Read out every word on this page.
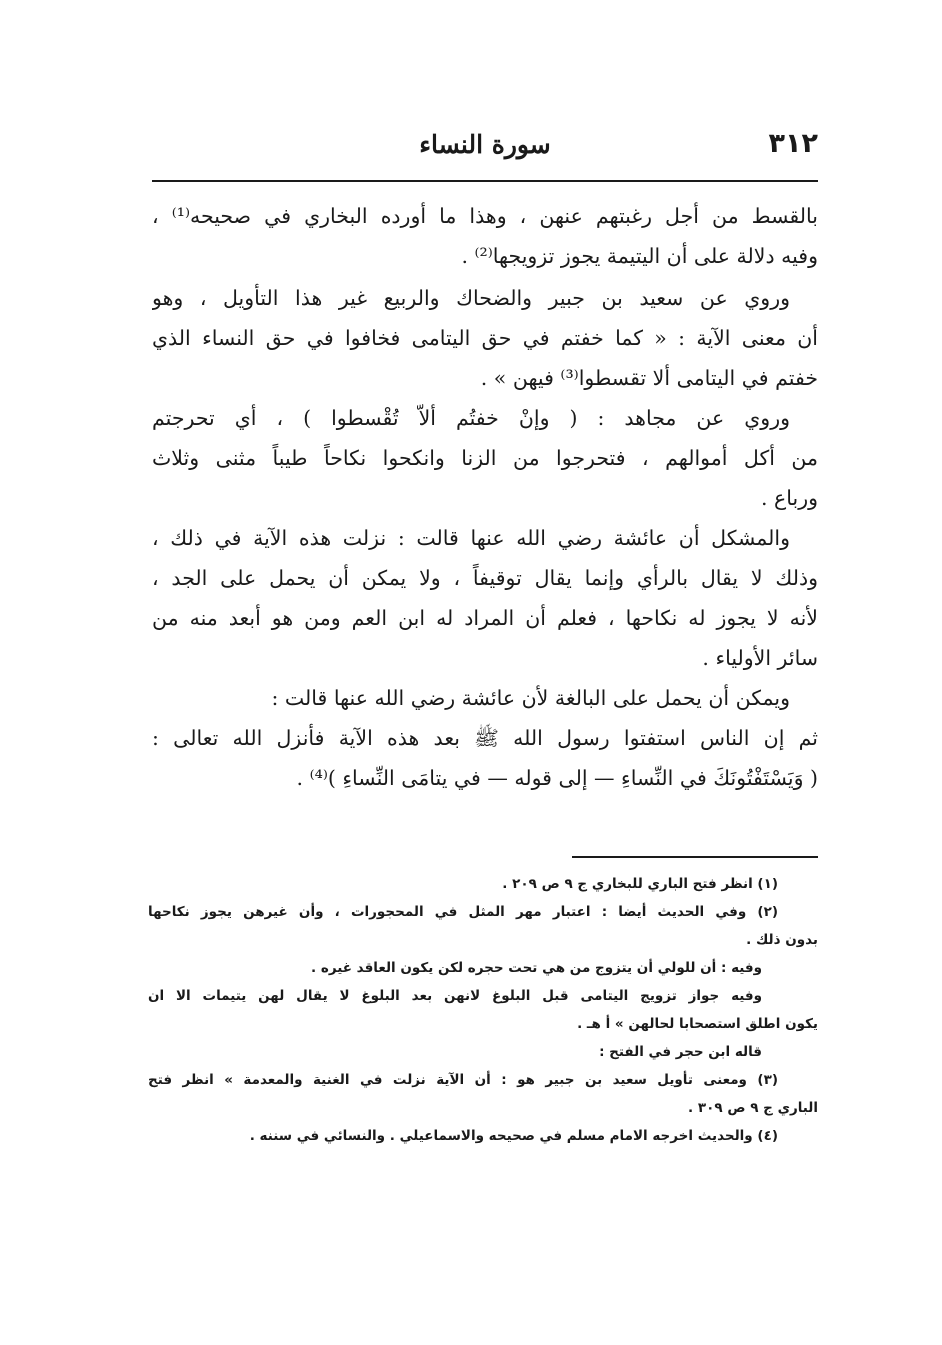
٣١٢
سورة النساء

بالقسط من أجل رغبتهم عنهن ، وهذا ما أورده البخاري في صحيحه⁽¹⁾ ،
وفيه دلالة على أن اليتيمة يجوز تزويجها⁽²⁾ .

وروي عن سعيد بن جبير والضحاك والربيع غير هذا التأويل ، وهو
أن معنى الآية : « كما خفتم في حق اليتامى فخافوا في حق النساء الذي
خفتم في اليتامى ألا تقسطوا⁽³⁾ فيهن » .

وروي عن مجاهد : ( وإنْ خفتُم ألاّ تُقْسطوا ) ، أي تحرجتم
من أكل أموالهم ، فتحرجوا من الزنا وانكحوا نكاحاً طيباً مثنى وثلاث
ورباع .

والمشكل أن عائشة رضي الله عنها قالت : نزلت هذه الآية في ذلك ،
وذلك لا يقال بالرأي وإنما يقال توقيفاً ، ولا يمكن أن يحمل على الجد ،
لأنه لا يجوز له نكاحها ، فعلم أن المراد له ابن العم ومن هو أبعد منه من
سائر الأولياء .

ويمكن أن يحمل على البالغة لأن عائشة رضي الله عنها قالت :

ثم إن الناس استفتوا رسول الله ﷺ بعد هذه الآية فأنزل الله تعالى :
( وَيَسْتَفْتُونَكَ في النِّساءِ — إلى قوله — في يتامَى النِّساءِ )⁽⁴⁾ .

(١) انظر فتح الباري للبخاري ج ٩ ص ٢٠٩ .

(٢) وفي الحديث أيضا : اعتبار مهر المثل في المحجورات ، وأن غيرهن يجوز نكاحها
بدون ذلك .

وفيه : أن للولي أن يتزوج من هي تحت حجره لكن يكون العاقد غيره .

وفيه جواز تزويج اليتامى قبل البلوغ لانهن بعد البلوغ لا يقال لهن يتيمات الا ان
يكون اطلق استصحابا لحالهن » أ هـ .

قاله ابن حجر في الفتح :

(٣) ومعنى تأويل سعيد بن جبير هو : أن الآية نزلت في الغنية والمعدمة » انظر فتح
الباري ج ٩ ص ٣٠٩ .

(٤) والحديث اخرجه الامام مسلم في صحيحه والاسماعيلي . والنسائي في سننه .
